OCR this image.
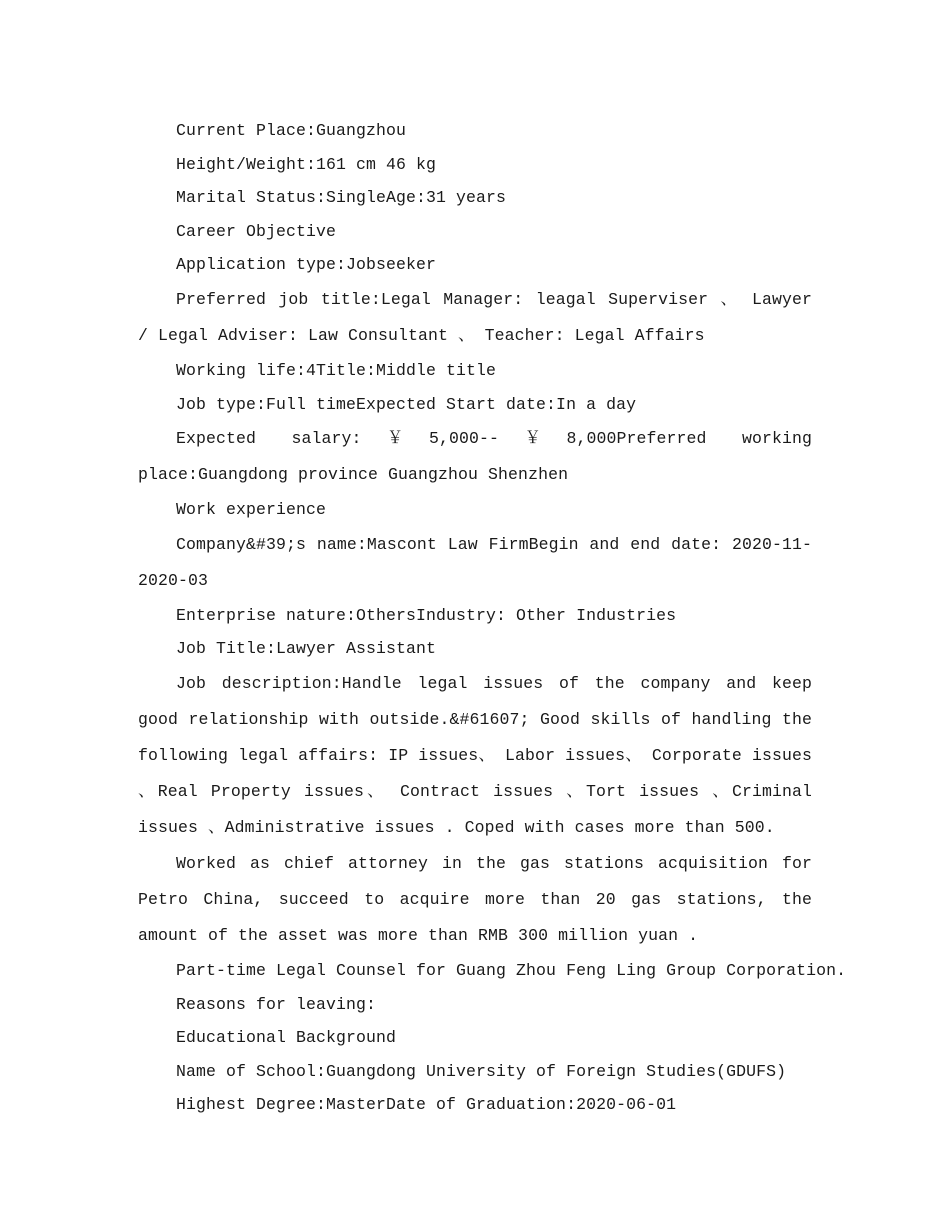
Current Place:Guangzhou
Height/Weight:161 cm 46 kg
Marital Status:SingleAge:31 years
Career Objective
Application type:Jobseeker

Preferred job title:Legal Manager: leagal Superviser 、 Lawyer / Legal Adviser: Law Consultant 、 Teacher: Legal Affairs

Working life:4Title:Middle title
Job type:Full timeExpected Start date:In a day

Expected salary:￥5,000--￥8,000Preferred working place:Guangdong province Guangzhou Shenzhen

Work experience

Company&#39;s name:Mascont Law FirmBegin and end date: 2020-11-2020-03

Enterprise nature:OthersIndustry: Other Industries
Job Title:Lawyer Assistant

Job description:Handle legal issues of the company and keep good relationship with outside.&#61607; Good skills of handling the following legal affairs: IP issues、 Labor issues、 Corporate issues 、Real Property issues、 Contract issues 、Tort issues 、Criminal issues 、Administrative issues . Coped with cases more than 500.

Worked as chief attorney in the gas stations acquisition for Petro China, succeed to acquire more than 20 gas stations, the amount of the asset was more than RMB 300 million yuan .

Part-time Legal Counsel for Guang Zhou Feng Ling Group Corporation.
Reasons for leaving:
Educational Background
Name of School:Guangdong University of Foreign Studies(GDUFS)
Highest Degree:MasterDate of Graduation:2020-06-01
